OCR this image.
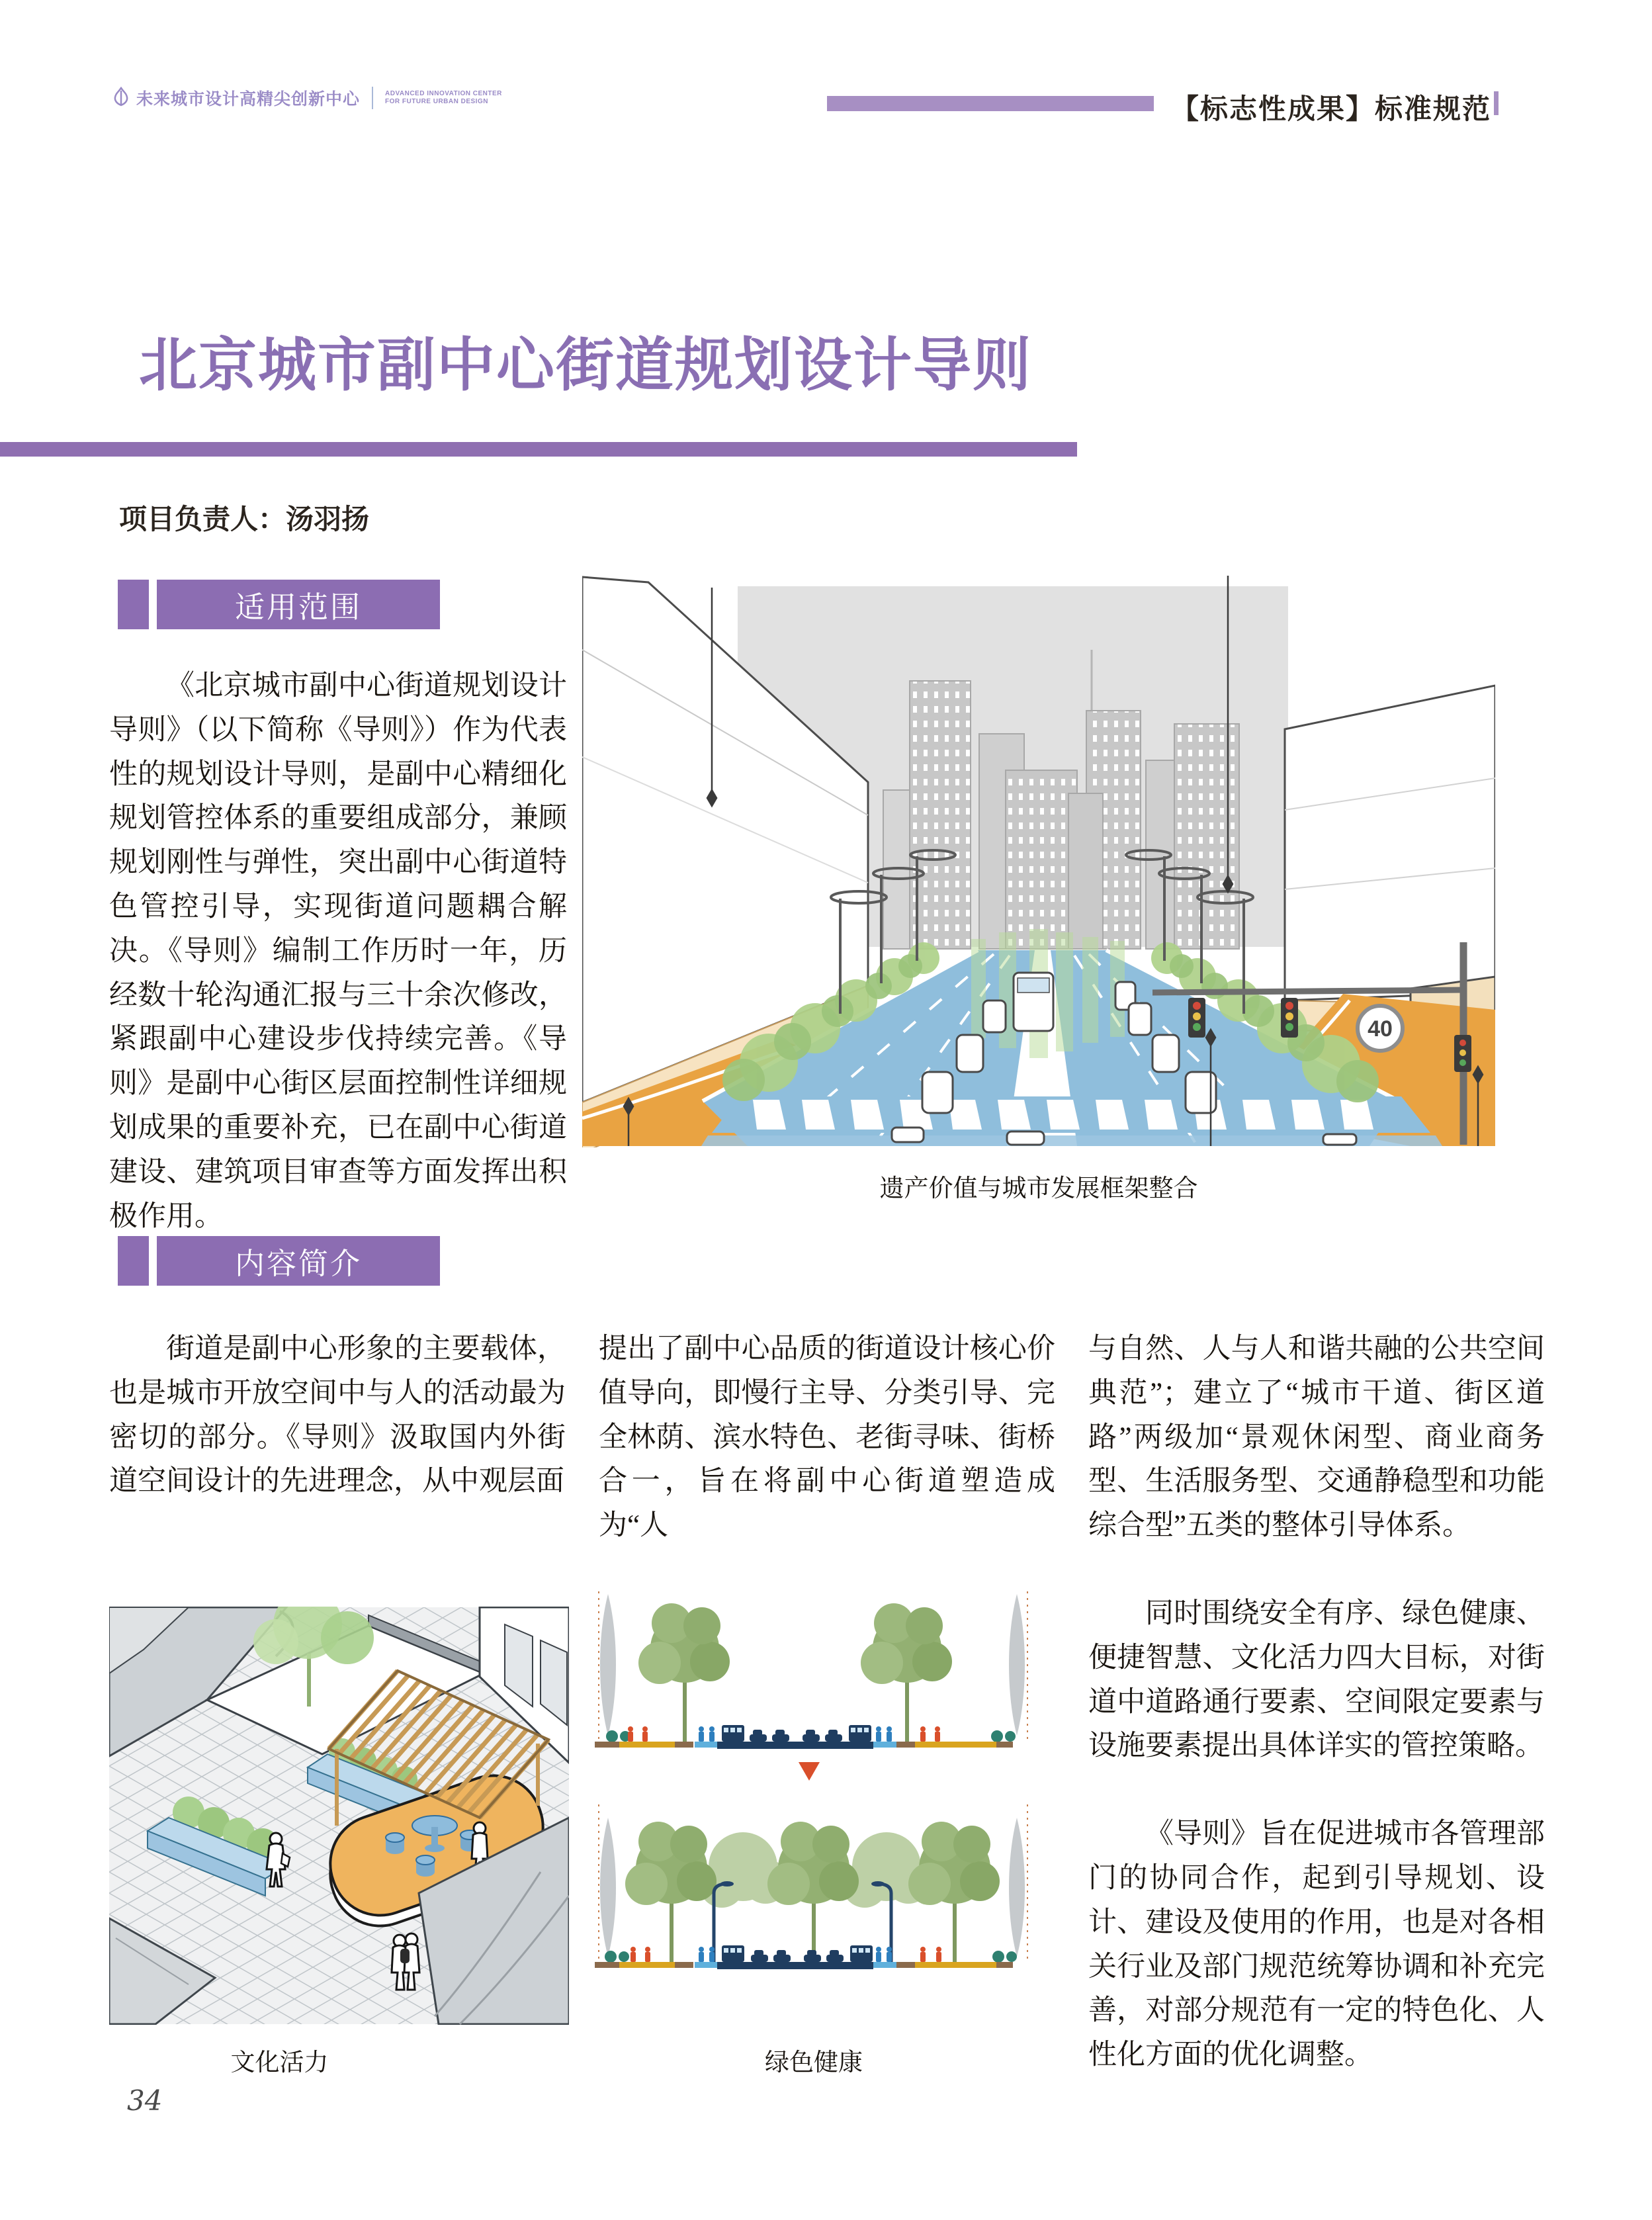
未来城市设计高精尖创新中心	ADVANCED INNOVATION CENTER
FOR FUTURE URBAN DESIGN	【标志性成果】标准规范
北京城市副中心街道规划设计导则
项目负责人：汤羽扬
适用范围
《北京城市副中心街道规划设计导则》（以下简称《导则》）作为代表性的规划设计导则，是副中心精细化规划管控体系的重要组成部分，兼顾规划刚性与弹性，突出副中心街道特色管控引导，实现街道问题耦合解决。《导则》编制工作历时一年，历经数十轮沟通汇报与三十余次修改，紧跟副中心建设步伐持续完善。《导则》是副中心街区层面控制性详细规划成果的重要补充，已在副中心街道建设、建筑项目审查等方面发挥出积极作用。
40
遗产价值与城市发展框架整合
内容简介

街道是副中心形象的主要载体，也是城市开放空间中与人的活动最为密切的部分。《导则》汲取国内外街道空间设计的先进理念，从中观层面

提出了副中心品质的街道设计核心价值导向，即慢行主导、分类引导、完全林荫、滨水特色、老街寻味、街桥合一，旨在将副中心街道塑造成为“人

与自然、人与人和谐共融的公共空间典范”；建立了“城市干道、街区道路”两级加“景观休闲型、商业商务型、生活服务型、交通静稳型和功能综合型”五类的整体引导体系。

同时围绕安全有序、绿色健康、便捷智慧、文化活力四大目标，对街道中道路通行要素、空间限定要素与设施要素提出具体详实的管控策略。

《导则》旨在促进城市各管理部门的协同合作，起到引导规划、设计、建设及使用的作用，也是对各相关行业及部门规范统筹协调和补充完善，对部分规范有一定的特色化、人性化方面的优化调整。

文化活力	绿色健康
34
